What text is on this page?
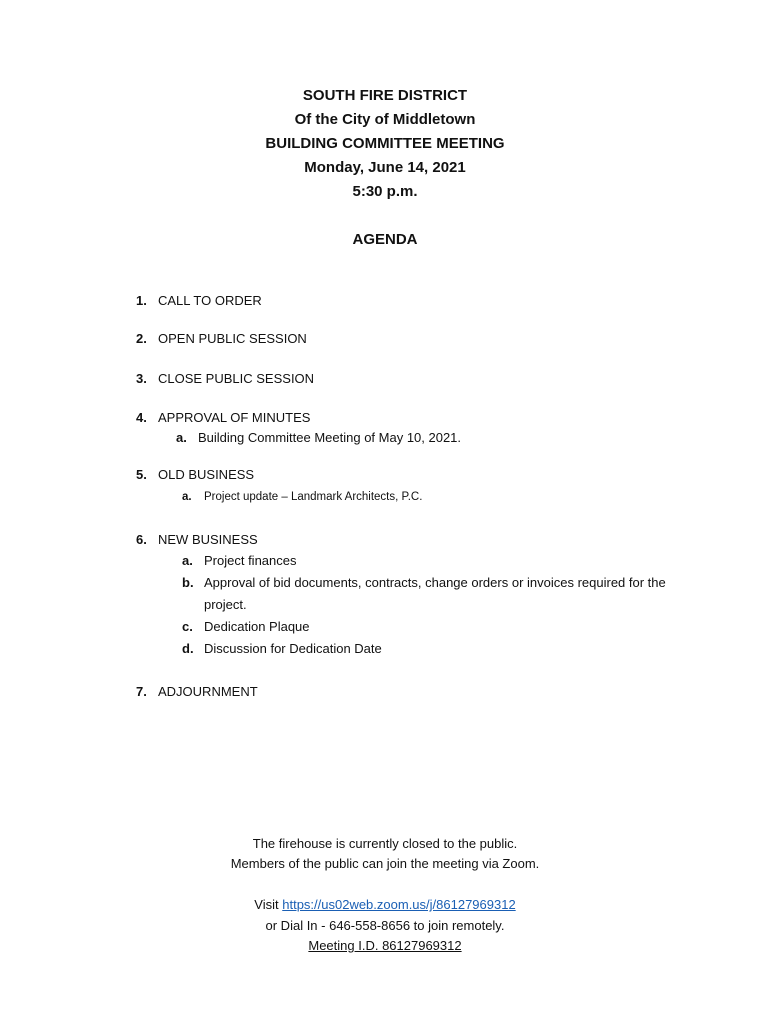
SOUTH FIRE DISTRICT
Of the City of Middletown
BUILDING COMMITTEE MEETING
Monday, June 14, 2021
5:30 p.m.
AGENDA
1. CALL TO ORDER
2. OPEN PUBLIC SESSION
3. CLOSE PUBLIC SESSION
4. APPROVAL OF MINUTES
a. Building Committee Meeting of May 10, 2021.
5. OLD BUSINESS
a. Project update – Landmark Architects, P.C.
6. NEW BUSINESS
a. Project finances
b. Approval of bid documents, contracts, change orders or invoices required for the
project.
c. Dedication Plaque
d. Discussion for Dedication Date
7. ADJOURNMENT
The firehouse is currently closed to the public.
Members of the public can join the meeting via Zoom.
Visit https://us02web.zoom.us/j/86127969312
or Dial In - 646-558-8656 to join remotely.
Meeting I.D. 86127969312
